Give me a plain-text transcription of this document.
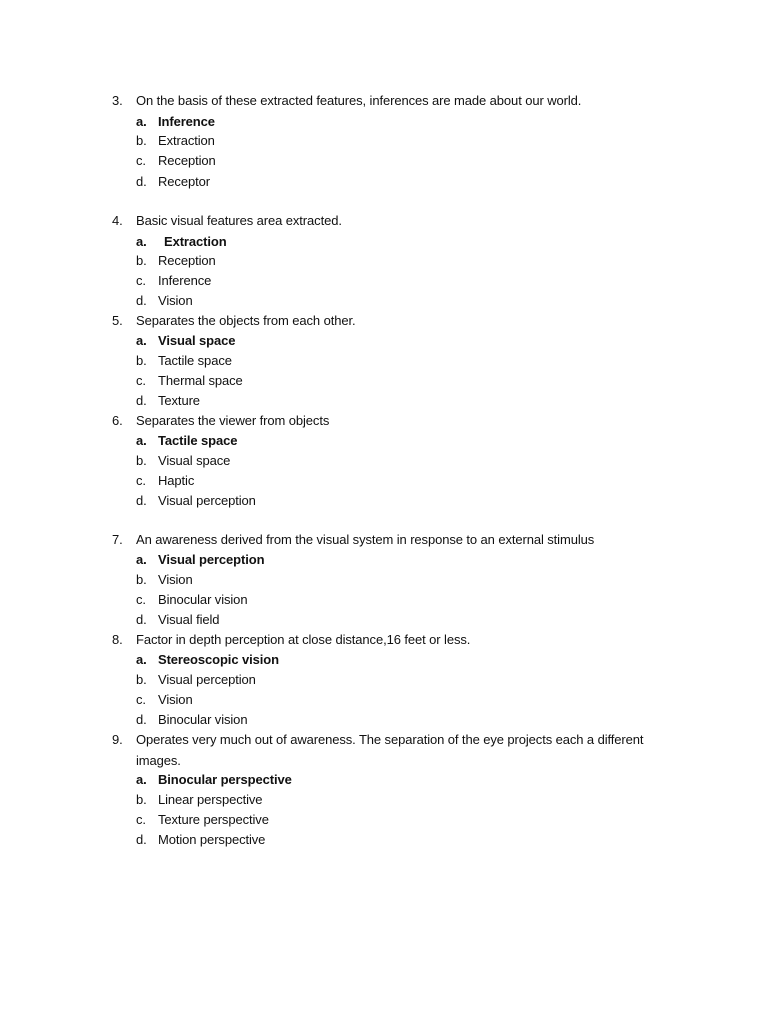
3. On the basis of these extracted features, inferences are made about our world.
a. Inference
b. Extraction
c. Reception
d. Receptor
4. Basic visual features area extracted.
a. Extraction
b. Reception
c. Inference
d. Vision
5. Separates the objects from each other.
a. Visual space
b. Tactile space
c. Thermal space
d. Texture
6. Separates the viewer from objects
a. Tactile space
b. Visual space
c. Haptic
d. Visual perception
7. An awareness derived from the visual system in response to an external stimulus
a. Visual perception
b. Vision
c. Binocular vision
d. Visual field
8. Factor in depth perception at close distance,16 feet or less.
a. Stereoscopic vision
b. Visual perception
c. Vision
d. Binocular vision
9. Operates very much out of awareness. The separation of the eye projects each a different
images.
a. Binocular perspective
b. Linear perspective
c. Texture perspective
d. Motion perspective
